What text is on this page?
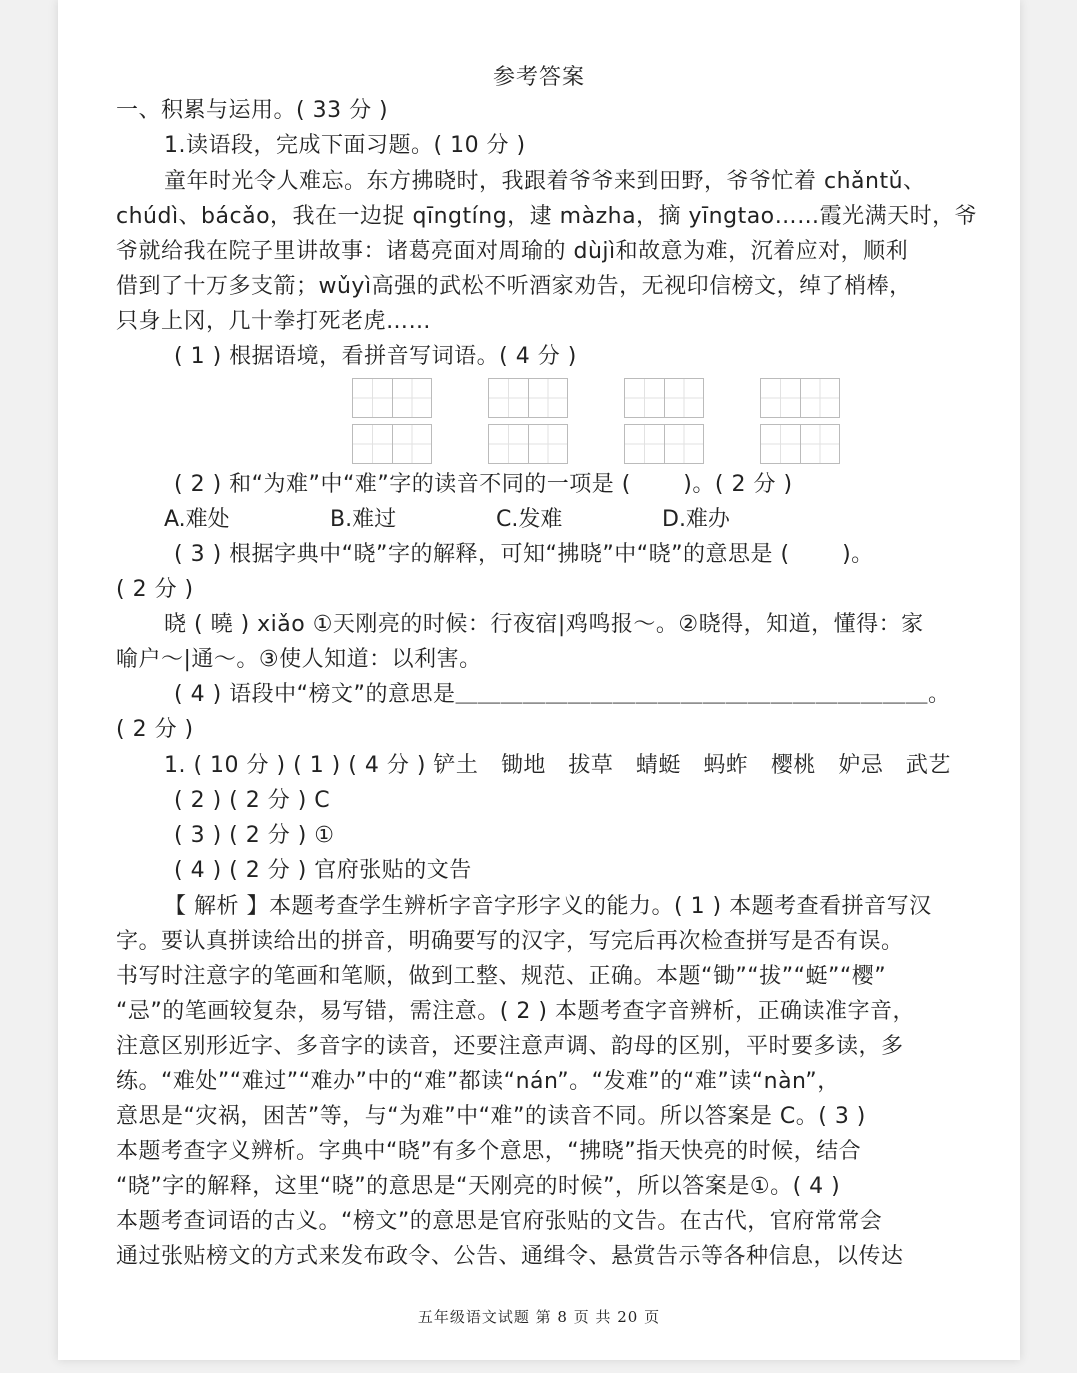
参考答案
一、积累与运用。( 33 分 )
1.读语段，完成下面习题。( 10 分 )
童年时光令人难忘。东方拂晓时，我跟着爷爷来到田野，爷爷忙着 chǎntǔ、
chúdì、bácǎo，我在一边捉 qīngtíng，逮 màzha，摘 yīngtao……霞光满天时，爷
爷就给我在院子里讲故事：诸葛亮面对周瑜的 dùjì和故意为难，沉着应对，顺利
借到了十万多支箭；wǔyì高强的武松不听酒家劝告，无视印信榜文，绰了梢棒，
只身上冈，几十拳打死老虎……
( 1 ) 根据语境，看拼音写词语。( 4 分 )
( 2 ) 和“为难”中“难”字的读音不同的一项是 (　　 )。( 2 分 )
A.难处	B.难过	C.发难	D.难办
( 3 ) 根据字典中“晓”字的解释，可知“拂晓”中“晓”的意思是 (　　 )。
( 2 分 )
晓 ( 曉 ) xiǎo ①天刚亮的时候：行夜宿|鸡鸣报～。②晓得，知道，懂得：家
喻户～|通～。③使人知道：以利害。
( 4 ) 语段中“榜文”的意思是＿＿＿＿＿＿＿＿＿＿＿＿＿＿＿＿＿＿＿＿＿。
( 2 分 )
1. ( 10 分 ) ( 1 ) ( 4 分 ) 铲土　锄地　拔草　蜻蜓　蚂蚱　樱桃　妒忌　武艺
( 2 ) ( 2 分 ) C
( 3 ) ( 2 分 ) ①
( 4 ) ( 2 分 ) 官府张贴的文告
【 解析 】本题考查学生辨析字音字形字义的能力。( 1 ) 本题考查看拼音写汉
字。要认真拼读给出的拼音，明确要写的汉字，写完后再次检查拼写是否有误。
书写时注意字的笔画和笔顺，做到工整、规范、正确。本题“锄”“拔”“蜓”“樱”
“忌”的笔画较复杂，易写错，需注意。( 2 ) 本题考查字音辨析，正确读准字音，
注意区别形近字、多音字的读音，还要注意声调、韵母的区别，平时要多读，多
练。“难处”“难过”“难办”中的“难”都读“nán”。“发难”的“难”读“nàn”，
意思是“灾祸，困苦”等，与“为难”中“难”的读音不同。所以答案是 C。( 3 )
本题考查字义辨析。字典中“晓”有多个意思，“拂晓”指天快亮的时候，结合
“晓”字的解释，这里“晓”的意思是“天刚亮的时候”，所以答案是①。( 4 )
本题考查词语的古义。“榜文”的意思是官府张贴的文告。在古代，官府常常会
通过张贴榜文的方式来发布政令、公告、通缉令、悬赏告示等各种信息，以传达
五年级语文试题 第 8 页 共 20 页
